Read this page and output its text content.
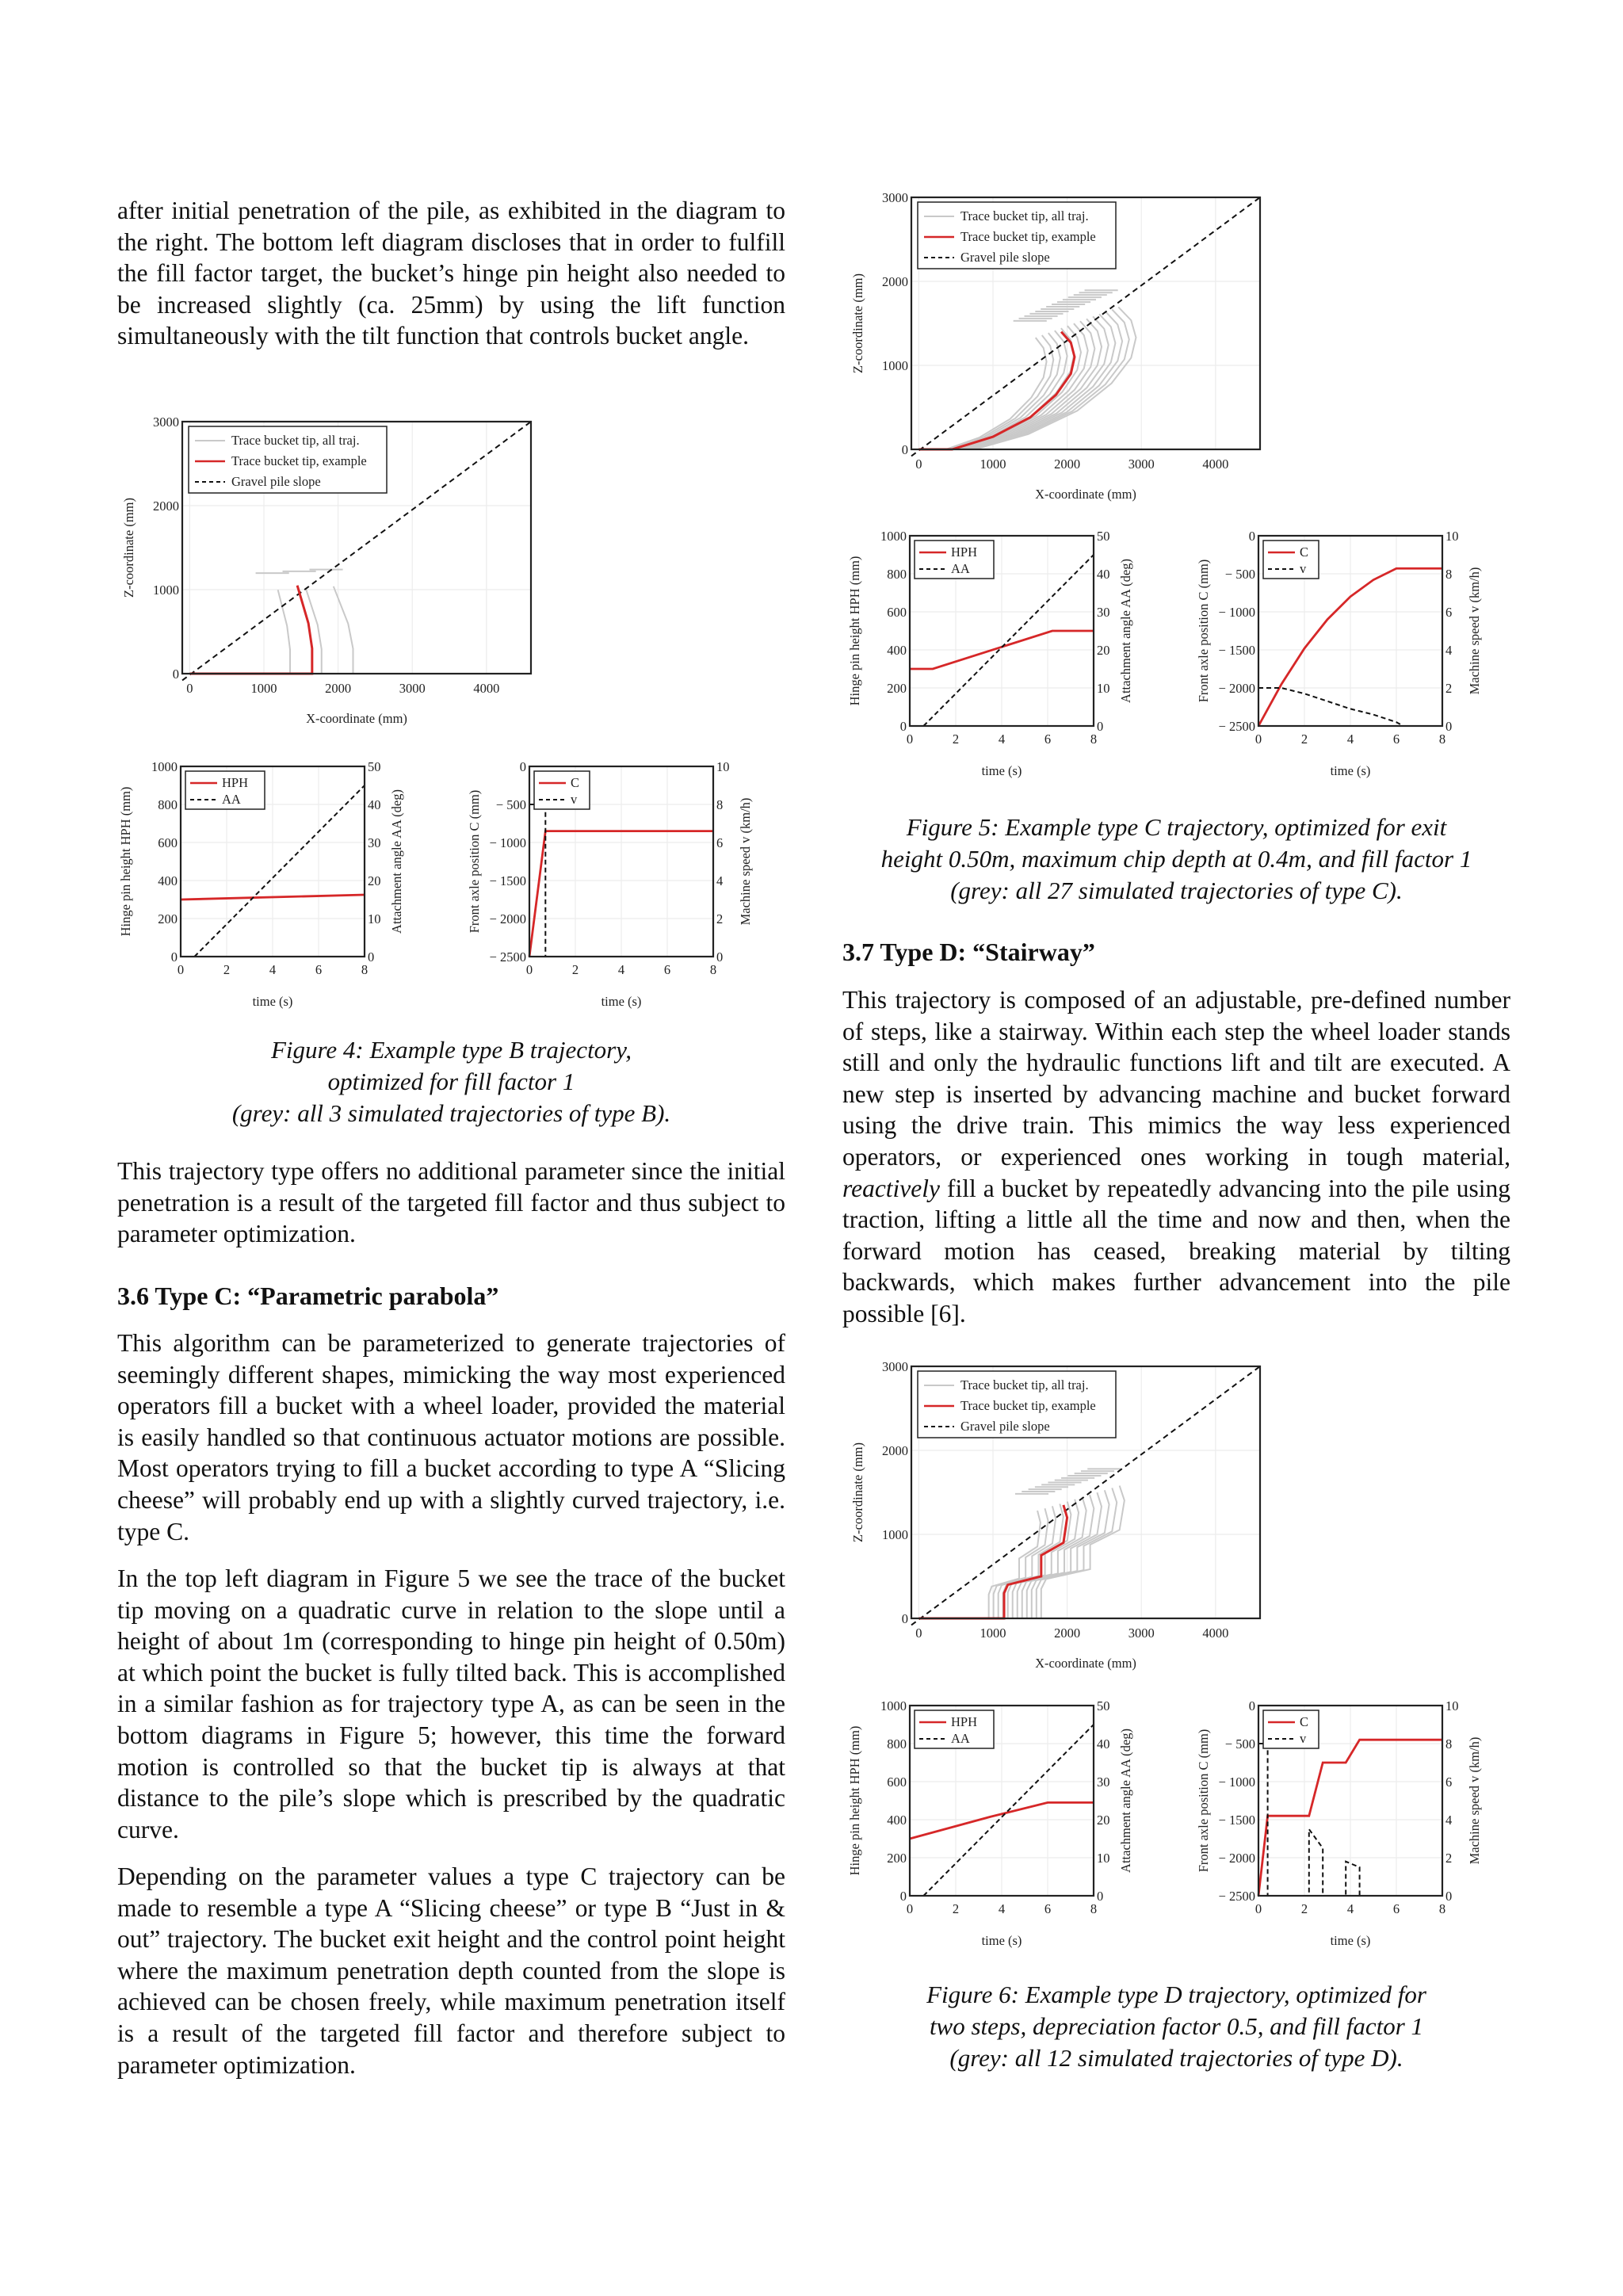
after initial penetration of the pile, as exhibited in the diagram to the right. The bottom left diagram discloses that in order to fulfill the fill factor target, the bucket’s hinge pin height also needed to be increased slightly (ca. 25mm) by using the lift function simultaneously with the tilt function that controls bucket angle.

0	1000	2000	3000	4000
0
1000
2000
3000
Trace bucket tip, all traj.
Trace bucket tip, example
Gravel pile slope
X-coordinate (mm)
Z-coordinate (mm)
0	2	4	6	8
0
200
400
600
800
1000
0
10
20
30
40
50
HPH
AA
time (s)
Hinge pin height HPH (mm)	Attachment angle AA (deg)
0	2	4	6	8
− 2500
− 2000
− 1500
− 1000
− 500
0
0
2
4
6
8
10
C
v
time (s)
Front axle position C (mm)	Machine speed v (km/h)

Figure 4: Example type B trajectory,

optimized for fill factor 1

(grey: all 3 simulated trajectories of type B).

This trajectory type offers no additional parameter since the initial penetration is a result of the targeted fill factor and thus subject to parameter optimization.

3.6 Type C: “Parametric parabola”

This algorithm can be parameterized to generate trajectories of seemingly different shapes, mimicking the way most experienced operators fill a bucket with a wheel loader, provided the material is easily handled so that continuous actuator motions are possible. Most operators trying to fill a bucket according to type A “Slicing cheese” will probably end up with a slightly curved trajectory, i.e. type C.

In the top left diagram in Figure 5 we see the trace of the bucket tip moving on a quadratic curve in relation to the slope until a height of about 1m (corresponding to hinge pin height of 0.50m) at which point the bucket is fully tilted back. This is accomplished in a similar fashion as for trajectory type A, as can be seen in the bottom diagrams in Figure 5; however, this time the forward motion is controlled so that the bucket tip is always at that distance to the pile’s slope which is prescribed by the quadratic curve.

Depending on the parameter values a type C trajectory can be made to resemble a type A “Slicing cheese” or type B “Just in & out” trajectory. The bucket exit height and the control point height where the maximum penetration depth counted from the slope is achieved can be chosen freely, while maximum penetration itself is a result of the targeted fill factor and therefore subject to parameter optimization.

0	1000	2000	3000	4000
0
1000
2000
3000
Trace bucket tip, all traj.
Trace bucket tip, example
Gravel pile slope
X-coordinate (mm)
Z-coordinate (mm)
0	2	4	6	8
0
200
400
600
800
1000
0
10
20
30
40
50
HPH
AA
time (s)
Hinge pin height HPH (mm)	Attachment angle AA (deg)
0	2	4	6	8
− 2500
− 2000
− 1500
− 1000
− 500
0
0
2
4
6
8
10
C
v
time (s)
Front axle position C (mm)	Machine speed v (km/h)

Figure 5: Example type C trajectory, optimized for exit

height 0.50m, maximum chip depth at 0.4m, and fill factor 1

(grey: all 27 simulated trajectories of type C).

3.7 Type D: “Stairway”

This trajectory is composed of an adjustable, pre-defined number of steps, like a stairway. Within each step the wheel loader stands still and only the hydraulic functions lift and tilt are executed. A new step is inserted by advancing machine and bucket forward using the drive train. This mimics the way less experienced operators, or experienced ones working in tough material, reactively fill a bucket by repeatedly advancing into the pile using traction, lifting a little all the time and now and then, when the forward motion has ceased, breaking material by tilting backwards, which makes further advancement into the pile possible [6].

0	1000	2000	3000	4000
0
1000
2000
3000
Trace bucket tip, all traj.
Trace bucket tip, example
Gravel pile slope
X-coordinate (mm)
Z-coordinate (mm)
0	2	4	6	8
0
200
400
600
800
1000
0
10
20
30
40
50
HPH
AA
time (s)
Hinge pin height HPH (mm)	Attachment angle AA (deg)
0	2	4	6	8
− 2500
− 2000
− 1500
− 1000
− 500
0
0
2
4
6
8
10
C
v
time (s)
Front axle position C (mm)	Machine speed v (km/h)

Figure 6: Example type D trajectory, optimized for

two steps, depreciation factor 0.5, and fill factor 1

(grey: all 12 simulated trajectories of type D).
